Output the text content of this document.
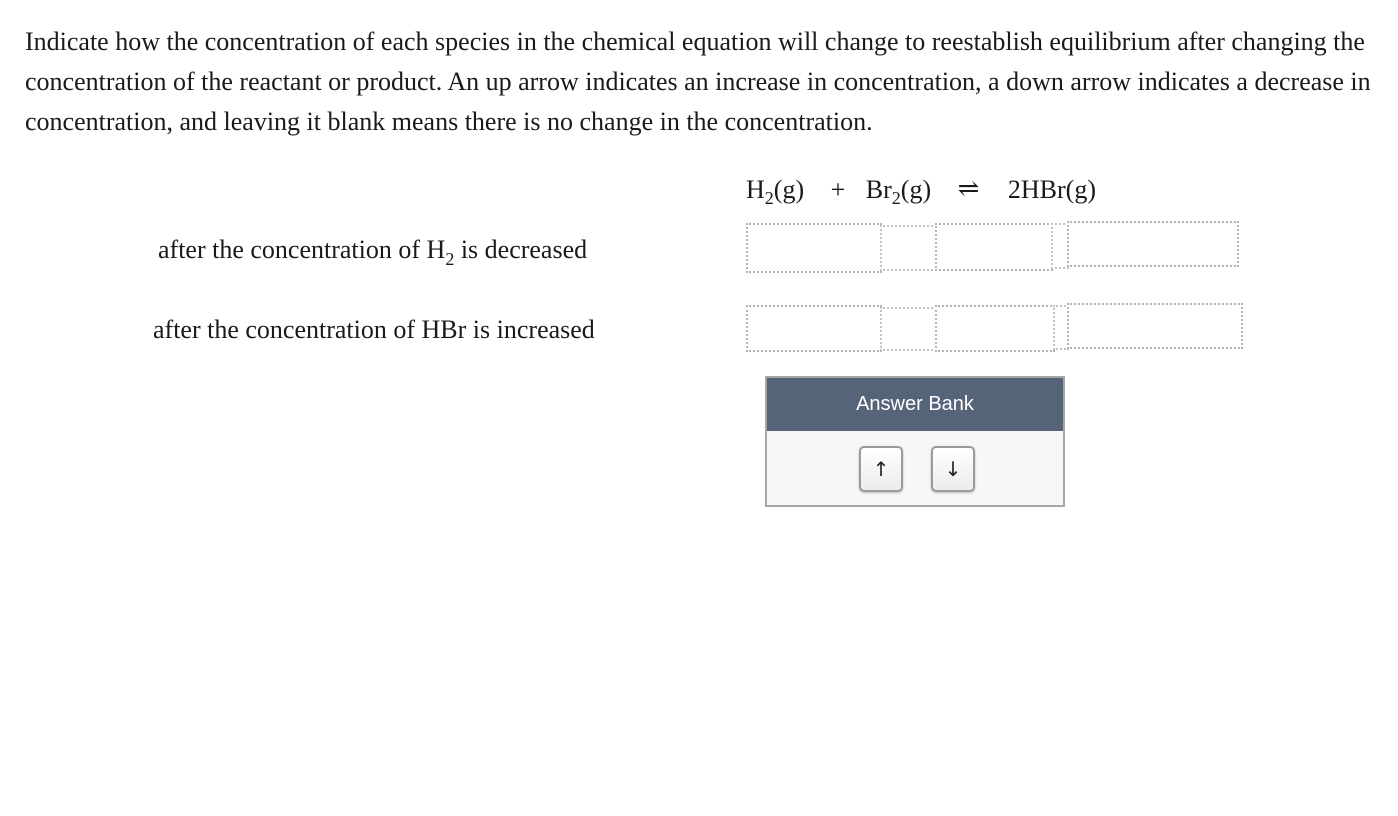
Indicate how the concentration of each species in the chemical equation will change to reestablish equilibrium after changing the concentration of the reactant or product. An up arrow indicates an increase in concentration, a down arrow indicates a decrease in concentration, and leaving it blank means there is no change in the concentration.

$H_2(g) + Br_2(g)$ ⇌ 2HBr(g)
after the concentration of $H_2$ is decreased
after the concentration of HBr is increased
Answer Bank
↑	↓
